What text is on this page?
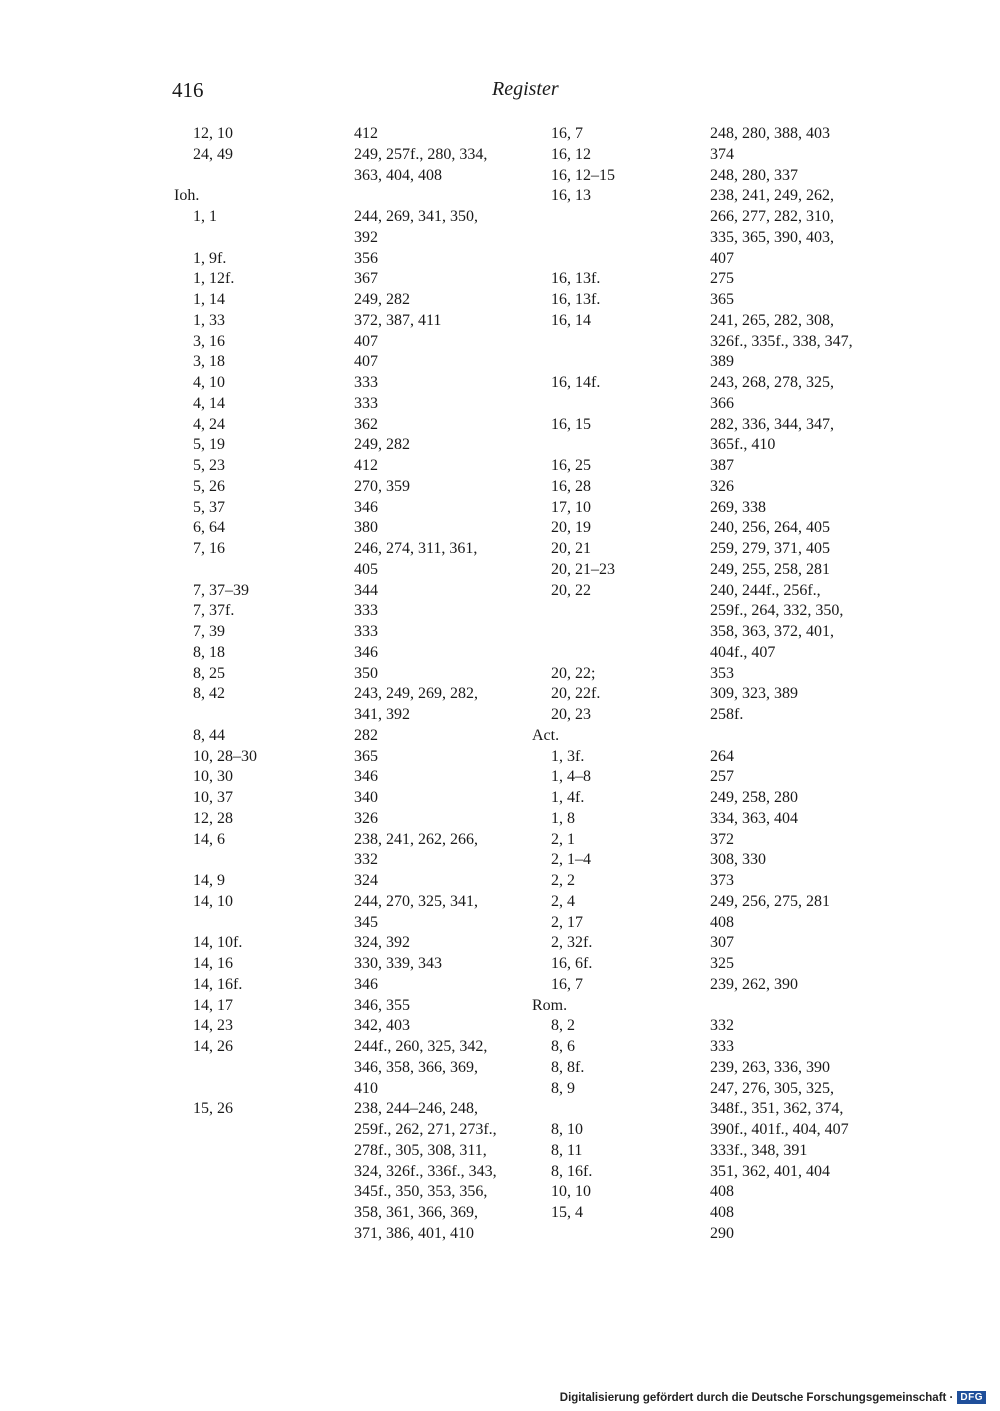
416	Register
12, 10
24, 49
Ioh.
1, 1
1, 9f.
1, 12f.
1, 14
1, 33
3, 16
3, 18
4, 10
4, 14
4, 24
5, 19
5, 23
5, 26
5, 37
6, 64
7, 16
7, 37–39
7, 37f.
7, 39
8, 18
8, 25
8, 42
8, 44
10, 28–30
10, 30
10, 37
12, 28
14, 6
14, 9
14, 10
14, 10f.
14, 16
14, 16f.
14, 17
14, 23
14, 26
15, 26
412
249, 257f., 280, 334,
363, 404, 408
244, 269, 341, 350,
392
356
367
249, 282
372, 387, 411
407
407
333
333
362
249, 282
412
270, 359
346
380
246, 274, 311, 361,
405
344
333
333
346
350
243, 249, 269, 282,
341, 392
282
365
346
340
326
238, 241, 262, 266,
332
324
244, 270, 325, 341,
345
324, 392
330, 339, 343
346
346, 355
342, 403
244f., 260, 325, 342,
346, 358, 366, 369,
410
238, 244–246, 248,
259f., 262, 271, 273f.,
278f., 305, 308, 311,
324, 326f., 336f., 343,
345f., 350, 353, 356,
358, 361, 366, 369,
371, 386, 401, 410
16, 7
16, 12
16, 12–15
16, 13
16, 13f.
16, 13f.
16, 14
16, 14f.
16, 15
16, 25
16, 28
17, 10
20, 19
20, 21
20, 21–23
20, 22
20, 22;
20, 22f.
20, 23
Act.
1, 3f.
1, 4–8
1, 4f.
1, 8
2, 1
2, 1–4
2, 2
2, 4
2, 17
2, 32f.
16, 6f.
16, 7
Rom.
8, 2
8, 6
8, 8f.
8, 9
8, 10
8, 11
8, 16f.
10, 10
15, 4
248, 280, 388, 403
374
248, 280, 337
238, 241, 249, 262,
266, 277, 282, 310,
335, 365, 390, 403,
407
275
365
241, 265, 282, 308,
326f., 335f., 338, 347,
389
243, 268, 278, 325,
366
282, 336, 344, 347,
365f., 410
387
326
269, 338
240, 256, 264, 405
259, 279, 371, 405
249, 255, 258, 281
240, 244f., 256f.,
259f., 264, 332, 350,
358, 363, 372, 401,
404f., 407
353
309, 323, 389
258f.
264
257
249, 258, 280
334, 363, 404
372
308, 330
373
249, 256, 275, 281
408
307
325
239, 262, 390
332
333
239, 263, 336, 390
247, 276, 305, 325,
348f., 351, 362, 374,
390f., 401f., 404, 407
333f., 348, 391
351, 362, 401, 404
408
408
290
Digitalisierung gefördert durch die Deutsche Forschungsgemeinschaft · DFG
